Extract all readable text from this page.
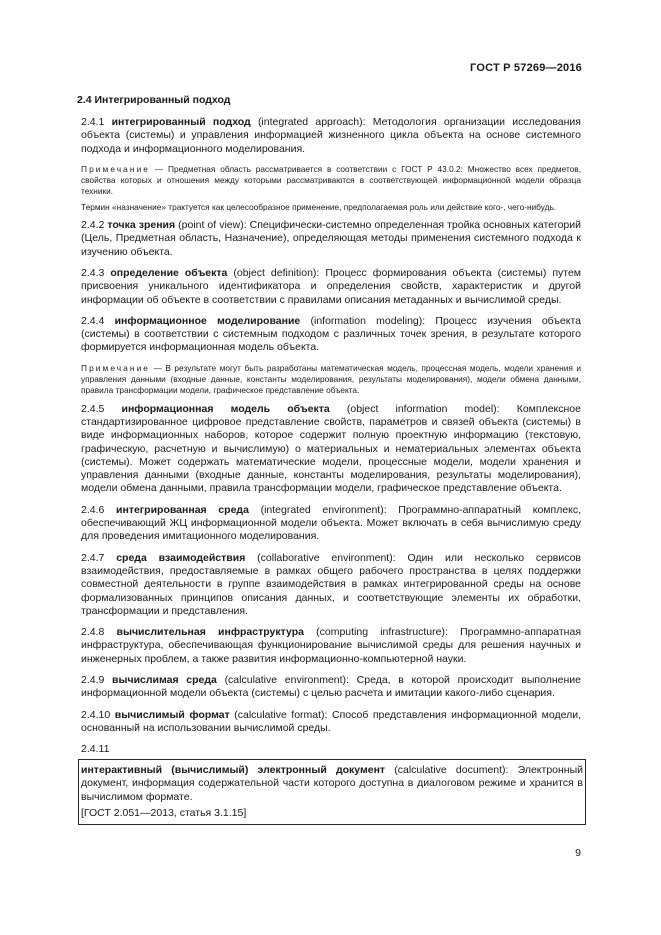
ГОСТ Р 57269—2016
2.4 Интегрированный подход

2.4.1 интегрированный подход (integrated approach): Методология организации исследования объекта (системы) и управления информацией жизненного цикла объекта на основе системного подхода и информационного моделирования.

Примечание — Предметная область рассматривается в соответствии с ГОСТ Р 43.0.2: Множество всех предметов, свойства которых и отношения между которыми рассматриваются в соответствующей информационной модели образца техники.

Термин «назначение» трактуется как целесообразное применение, предполагаемая роль или действие кого-, чего-нибудь.

2.4.2 точка зрения (point of view): Специфически-системно определенная тройка основных категорий (Цель, Предметная область, Назначение), определяющая методы применения системного подхода к изучению объекта.

2.4.3 определение объекта (object definition): Процесс формирования объекта (системы) путем присвоения уникального идентификатора и определения свойств, характеристик и другой информации об объекте в соответствии с правилами описания метаданных и вычислимой среды.

2.4.4 информационное моделирование (information modeling): Процесс изучения объекта (системы) в соответствии с системным подходом с различных точек зрения, в результате которого формируется информационная модель объекта.

Примечание — В результате могут быть разработаны математическая модель, процессная модель, модели хранения и управления данными (входные данные, константы моделирования, результаты моделирования), модели обмена данными, правила трансформации модели, графическое представление объекта.

2.4.5 информационная модель объекта (object information model): Комплексное стандартизированное цифровое представление свойств, параметров и связей объекта (системы) в виде информационных наборов, которое содержит полную проектную информацию (текстовую, графическую, расчетную и вычислимую) о материальных и нематериальных элементах объекта (системы). Может содержать математические модели, процессные модели, модели хранения и управления данными (входные данные, константы моделирования, результаты моделирования), модели обмена данными, правила трансформации модели, графическое представление объекта.

2.4.6 интегрированная среда (integrated environment): Программно-аппаратный комплекс, обеспечивающий ЖЦ информационной модели объекта. Может включать в себя вычислимую среду для проведения имитационного моделирования.

2.4.7 среда взаимодействия (collaborative environment): Один или несколько сервисов взаимодействия, предоставляемые в рамках общего рабочего пространства в целях поддержки совместной деятельности в группе взаимодействия в рамках интегрированной среды на основе формализованных принципов описания данных, и соответствующие элементы их обработки, трансформации и представления.

2.4.8 вычислительная инфраструктура (computing infrastructure): Программно-аппаратная инфраструктура, обеспечивающая функционирование вычислимой среды для решения научных и инженерных проблем, а также развития информационно-компьютерной науки.

2.4.9 вычислимая среда (calculative environment): Среда, в которой происходит выполнение информационной модели объекта (системы) с целью расчета и имитации какого-либо сценария.

2.4.10 вычислимый формат (calculative format): Способ представления информационной модели, основанный на использовании вычислимой среды.

2.4.11

интерактивный (вычислимый) электронный документ (calculative document): Электронный документ, информация содержательной части которого доступна в диалоговом режиме и хранится в вычислимом формате.

[ГОСТ 2.051—2013, статья 3.1.15]
9
